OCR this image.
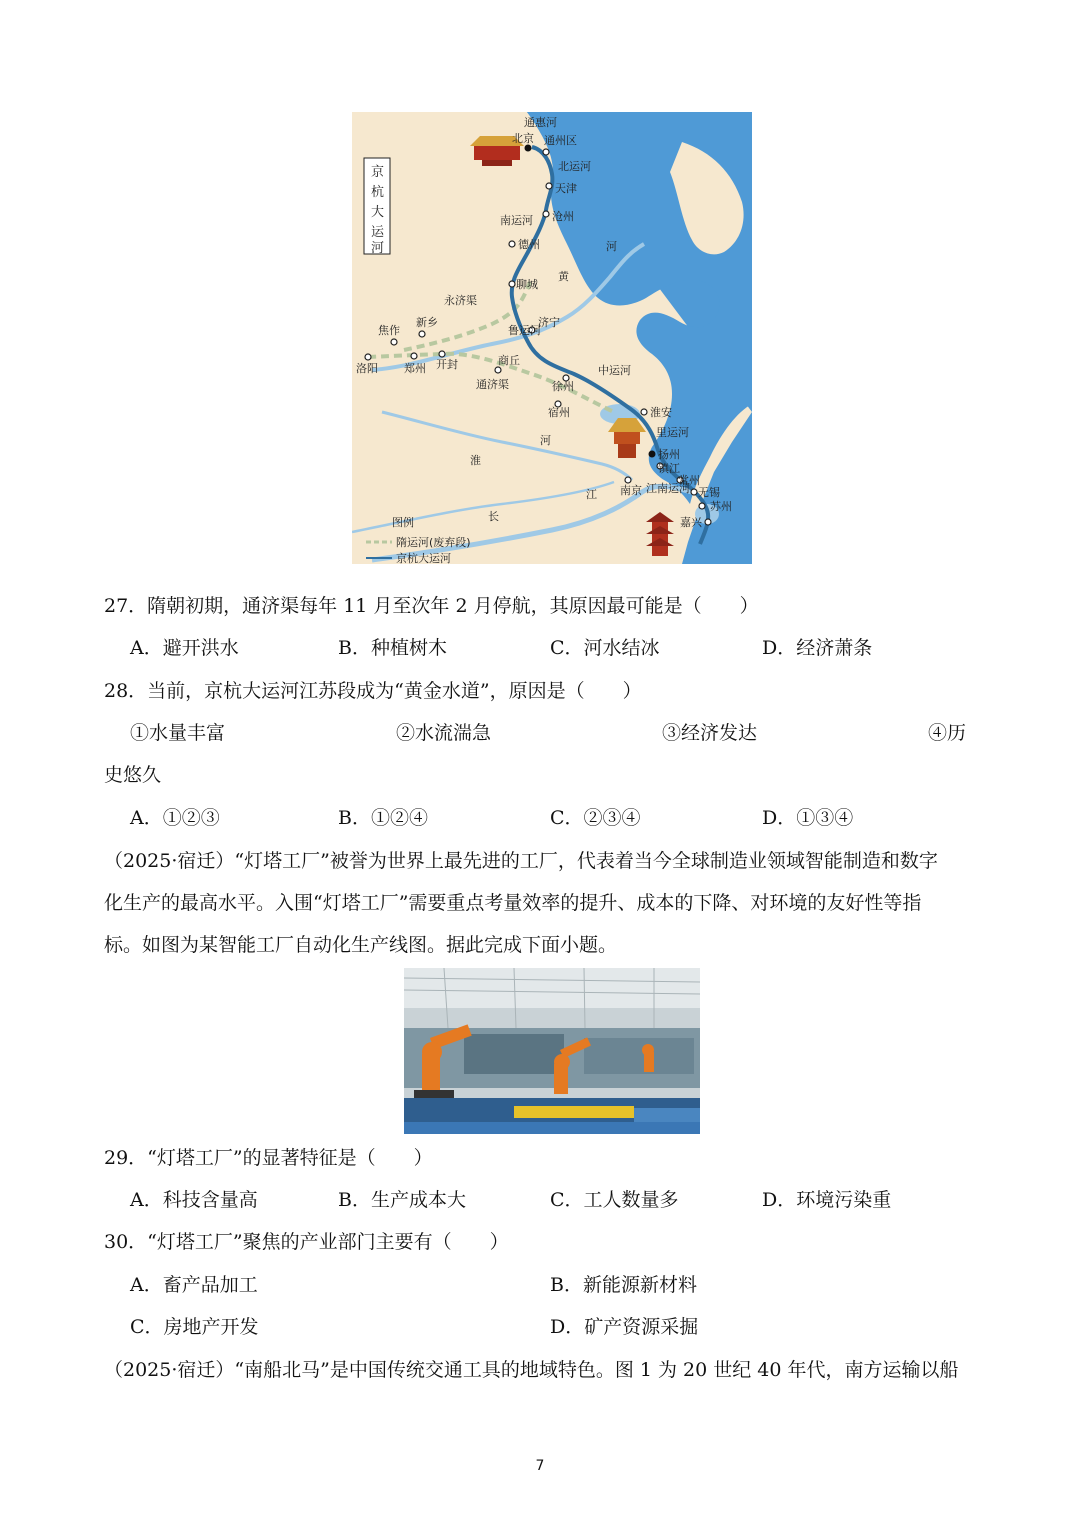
京
杭
大
运
河
通惠河
北京 通州区
北运河
天津
沧州
南运河
德州	河
黄
聊城
永济渠
济宁
鲁运河
新乡
焦作
洛阳 郑州 开封	商丘
通济渠
中运河
徐州
宿州
河
淮
淮安
里运河
扬州
镇江
常州
无锡
苏州
嘉兴
南京 江南运河
江
长
图例
隋运河(废弃段)
京杭大运河
27．隋朝初期，通济渠每年 11 月至次年 2 月停航，其原因最可能是（　　）
A．避开洪水	B．种植树木	C．河水结冰	D．经济萧条
28．当前，京杭大运河江苏段成为“黄金水道”，原因是（　　）
①水量丰富	②水流湍急	③经济发达	④历
史悠久
A．①②③	B．①②④	C．②③④	D．①③④
（2025·宿迁）“灯塔工厂”被誉为世界上最先进的工厂，代表着当今全球制造业领域智能制造和数字
化生产的最高水平。入围“灯塔工厂”需要重点考量效率的提升、成本的下降、对环境的友好性等指
标。如图为某智能工厂自动化生产线图。据此完成下面小题。
29．“灯塔工厂”的显著特征是（　　）
A．科技含量高	B．生产成本大	C．工人数量多	D．环境污染重
30．“灯塔工厂”聚焦的产业部门主要有（　　）
A．畜产品加工	B．新能源新材料
C．房地产开发	D．矿产资源采掘
（2025·宿迁）“南船北马”是中国传统交通工具的地域特色。图 1 为 20 世纪 40 年代，南方运输以船
7
